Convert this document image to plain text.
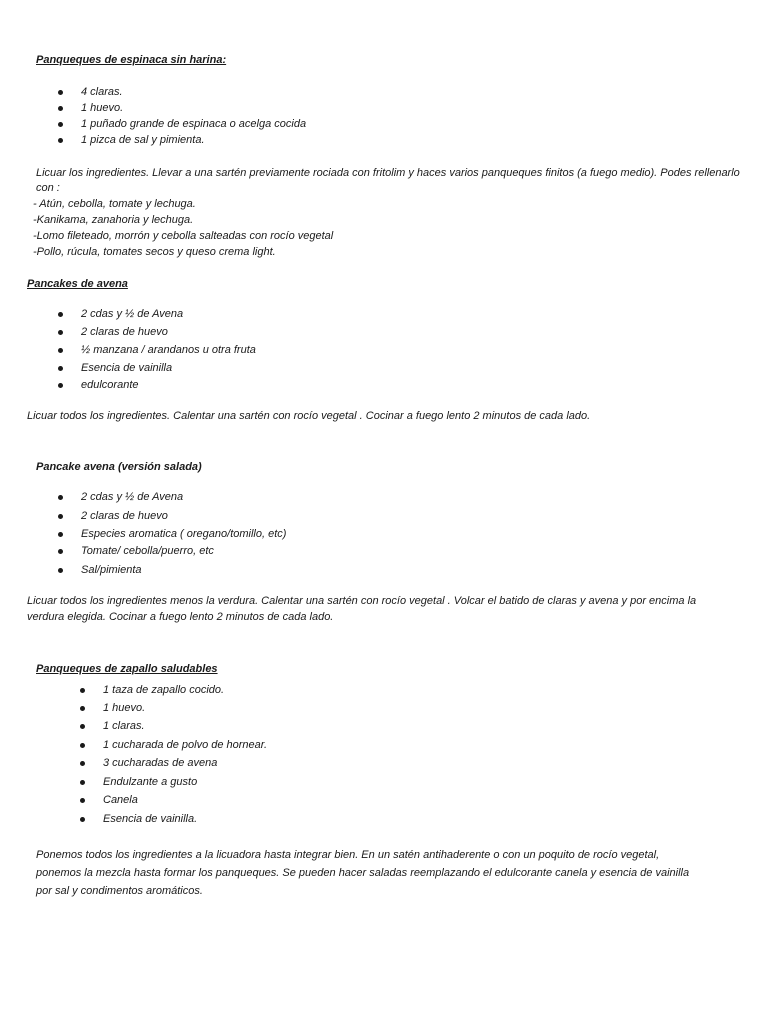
Panqueques de espinaca sin harina:
4 claras.
1 huevo.
1 puñado grande de espinaca o acelga cocida
1 pizca de sal y pimienta.
Licuar los ingredientes. Llevar a una sartén previamente rociada con fritolim y haces varios panqueques finitos (a fuego medio). Podes rellenarlo
con :
- Atún, cebolla, tomate y lechuga.
-Kanikama, zanahoria y lechuga.
-Lomo fileteado, morrón y cebolla salteadas con rocío vegetal
-Pollo, rúcula, tomates secos y queso crema light.
Pancakes de avena
2 cdas y ½ de Avena
2 claras de huevo
½ manzana / arandanos u otra fruta
Esencia de vainilla
edulcorante
Licuar todos los ingredientes. Calentar una sartén con rocío vegetal . Cocinar a fuego lento 2 minutos de cada lado.
Pancake avena (versión salada)
2 cdas y ½ de Avena
2 claras de huevo
Especies aromatica ( oregano/tomillo, etc)
Tomate/ cebolla/puerro, etc
Sal/pimienta
Licuar todos los ingredientes menos la verdura. Calentar una sartén con rocío vegetal . Volcar el batido de claras y avena y por encima la
verdura elegida. Cocinar a fuego lento 2 minutos de cada lado.
Panqueques de zapallo saludables
1 taza de zapallo cocido.
1 huevo.
1 claras.
1 cucharada de polvo de hornear.
3 cucharadas de avena
Endulzante a gusto
Canela
Esencia de vainilla.
Ponemos todos los ingredientes a la licuadora hasta integrar bien. En un satén antihaderente o con un poquito de rocío vegetal,
ponemos la mezcla hasta formar los panqueques. Se pueden hacer saladas reemplazando el edulcorante canela y esencia de vainilla
por sal y condimentos aromáticos.
